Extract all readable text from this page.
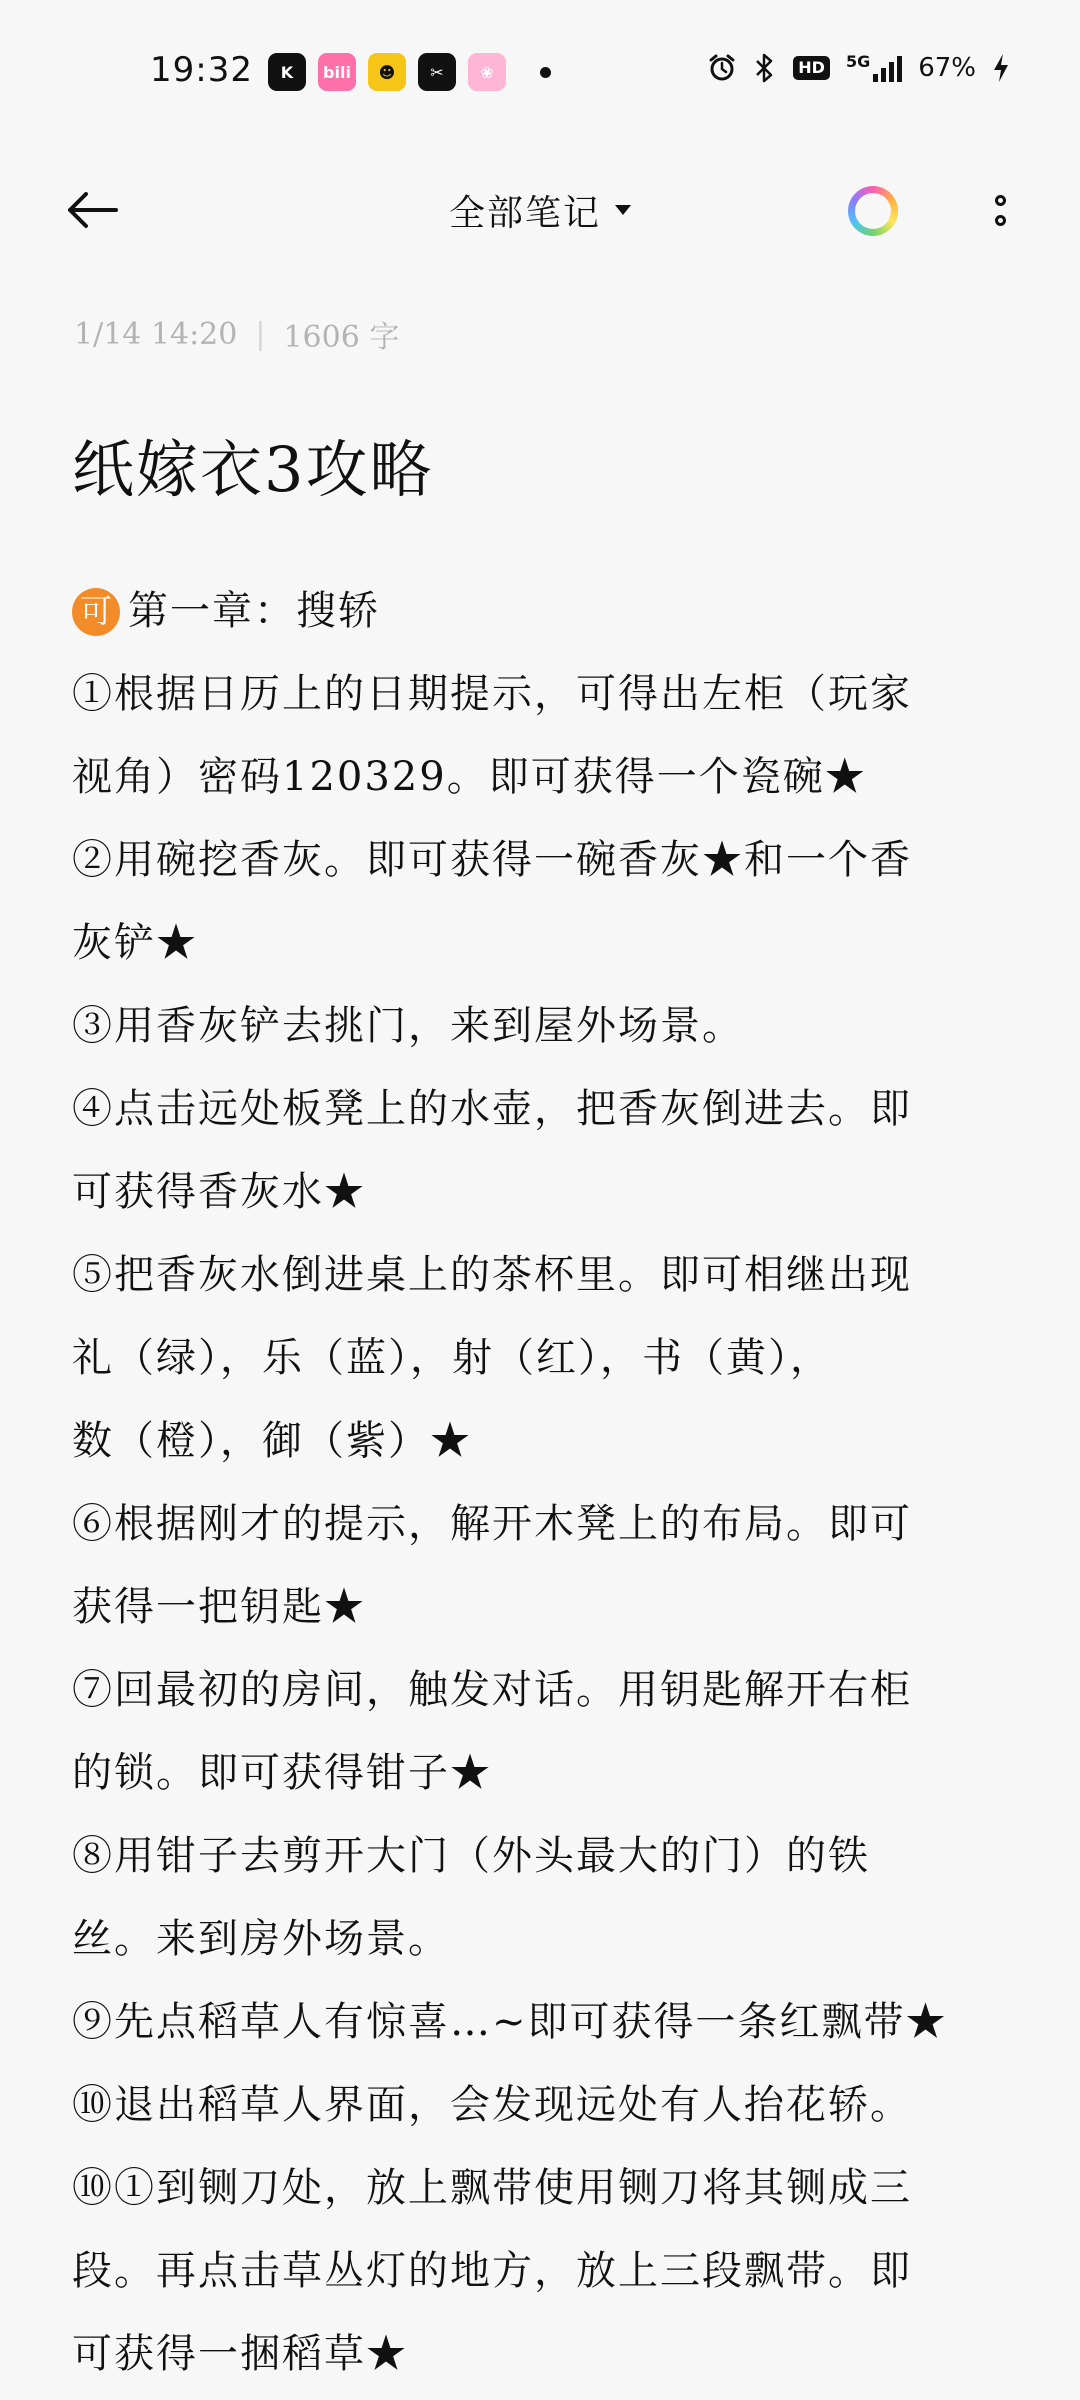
19:32	K	bili	☻	✂	❀	HD	5G 67%
全部笔记
1/14 14:20 | 1606 字
纸嫁衣3攻略
可 第一章：搜轿
①根据日历上的日期提示，可得出左柜（玩家
视角）密码120329。即可获得一个瓷碗★
②用碗挖香灰。即可获得一碗香灰★和一个香
灰铲★
③用香灰铲去挑门，来到屋外场景。
④点击远处板凳上的水壶，把香灰倒进去。即
可获得香灰水★
⑤把香灰水倒进桌上的茶杯里。即可相继出现
礼（绿），乐（蓝），射（红），书（黄），
数（橙），御（紫）★
⑥根据刚才的提示，解开木凳上的布局。即可
获得一把钥匙★
⑦回最初的房间，触发对话。用钥匙解开右柜
的锁。即可获得钳子★
⑧用钳子去剪开大门（外头最大的门）的铁
丝。来到房外场景。
⑨先点稻草人有惊喜…~即可获得一条红飘带★
⑩退出稻草人界面，会发现远处有人抬花轿。
⑩①到铡刀处，放上飘带使用铡刀将其铡成三
段。再点击草丛灯的地方，放上三段飘带。即
可获得一捆稻草★
